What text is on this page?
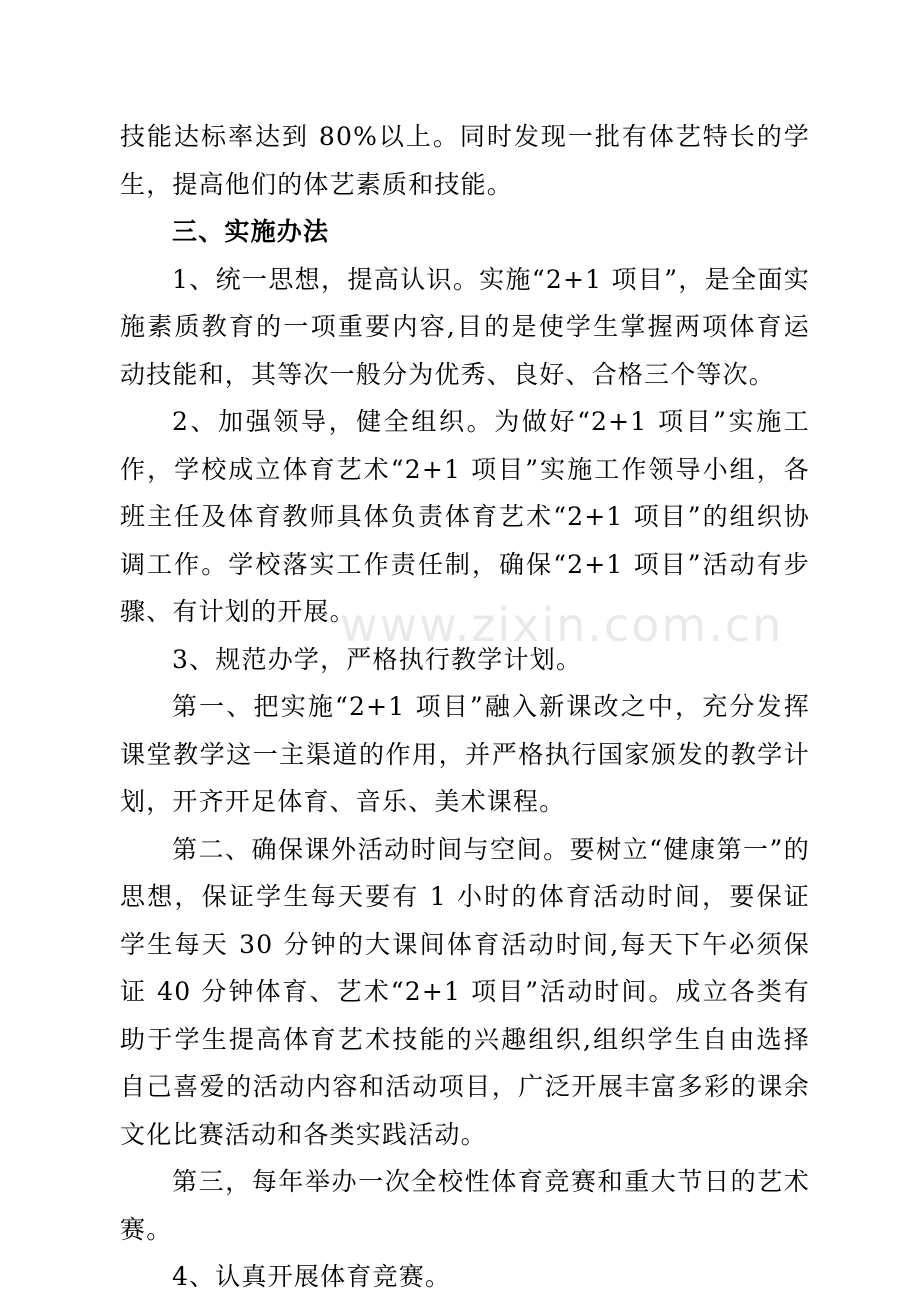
技能达标率达到 80%以上。同时发现一批有体艺特长的学生，提高他们的体艺素质和技能。

三、实施办法

1、统一思想，提高认识。实施“2+1 项目”，是全面实施素质教育的一项重要内容,目的是使学生掌握两项体育运动技能和，其等次一般分为优秀、良好、合格三个等次。

2、加强领导，健全组织。为做好“2+1 项目”实施工作，学校成立体育艺术“2+1 项目”实施工作领导小组，各班主任及体育教师具体负责体育艺术“2+1 项目”的组织协调工作。学校落实工作责任制，确保“2+1 项目”活动有步骤、有计划的开展。

3、规范办学，严格执行教学计划。

第一、把实施“2+1 项目”融入新课改之中，充分发挥课堂教学这一主渠道的作用，并严格执行国家颁发的教学计划，开齐开足体育、音乐、美术课程。

第二、确保课外活动时间与空间。要树立“健康第一”的思想，保证学生每天要有 1 小时的体育活动时间，要保证学生每天 30 分钟的大课间体育活动时间,每天下午必须保证 40 分钟体育、艺术“2+1 项目”活动时间。成立各类有助于学生提高体育艺术技能的兴趣组织,组织学生自由选择自己喜爱的活动内容和活动项目，广泛开展丰富多彩的课余文化比赛活动和各类实践活动。

第三，每年举办一次全校性体育竞赛和重大节日的艺术赛。

4、认真开展体育竞赛。

www.zixin.com.cn
